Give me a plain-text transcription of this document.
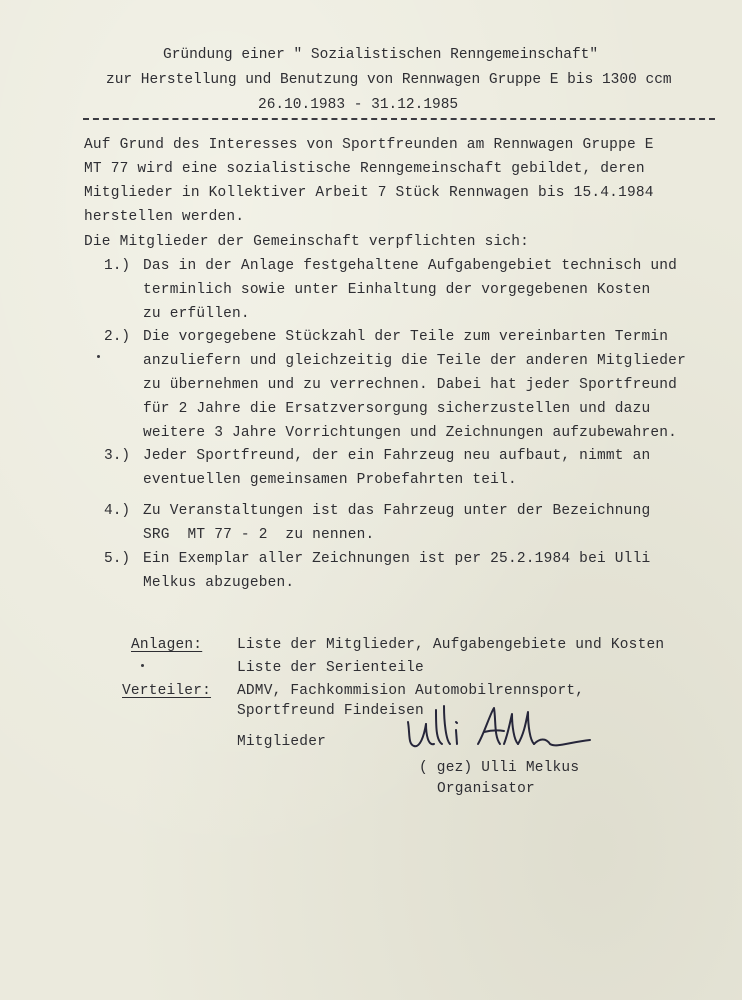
Gründung einer " Sozialistischen Renngemeinschaft"
zur Herstellung und Benutzung von Rennwagen Gruppe E bis 1300 ccm
26.10.1983 - 31.12.1985
Auf Grund des Interesses von Sportfreunden am Rennwagen Gruppe E
MT 77 wird eine sozialistische Renngemeinschaft gebildet, deren
Mitglieder in Kollektiver Arbeit 7 Stück Rennwagen bis 15.4.1984
herstellen werden.
Die Mitglieder der Gemeinschaft verpflichten sich:
1.) Das in der Anlage festgehaltene Aufgabengebiet technisch und
terminlich sowie unter Einhaltung der vorgegebenen Kosten
zu erfüllen.
2.) Die vorgegebene Stückzahl der Teile zum vereinbarten Termin
anzuliefern und gleichzeitig die Teile der anderen Mitglieder
zu übernehmen und zu verrechnen. Dabei hat jeder Sportfreund
für 2 Jahre die Ersatzversorgung sicherzustellen und dazu
weitere 3 Jahre Vorrichtungen und Zeichnungen aufzubewahren.
3.) Jeder Sportfreund, der ein Fahrzeug neu aufbaut, nimmt an
eventuellen gemeinsamen Probefahrten teil.
4.) Zu Veranstaltungen ist das Fahrzeug unter der Bezeichnung
SRG  MT 77 - 2  zu nennen.
5.) Ein Exemplar aller Zeichnungen ist per 25.2.1984 bei Ulli
Melkus abzugeben.
Anlagen: Liste der Mitglieder, Aufgabengebiete und Kosten
Liste der Serienteile
Verteiler: ADMV, Fachkommision Automobilrennsport,
Sportfreund Findeisen
Mitglieder
( gez) Ulli Melkus
Organisator
